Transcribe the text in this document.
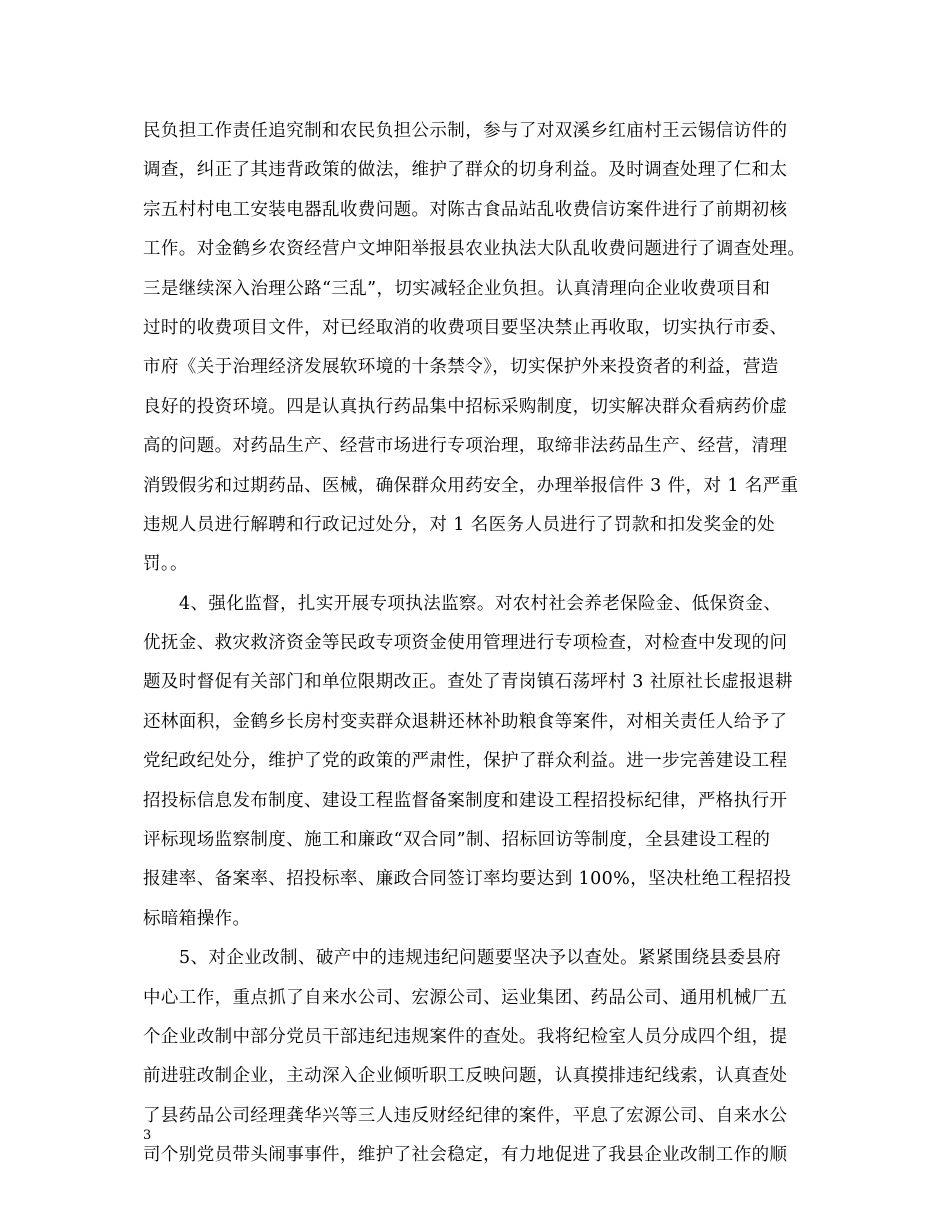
民负担工作责任追究制和农民负担公示制，参与了对双溪乡红庙村王云锡信访件的
调查，纠正了其违背政策的做法，维护了群众的切身利益。及时调查处理了仁和太
宗五村村电工安装电器乱收费问题。对陈古食品站乱收费信访案件进行了前期初核
工作。对金鹤乡农资经营户文坤阳举报县农业执法大队乱收费问题进行了调查处理。
三是继续深入治理公路“三乱”，切实减轻企业负担。认真清理向企业收费项目和
过时的收费项目文件，对已经取消的收费项目要坚决禁止再收取，切实执行市委、
市府《关于治理经济发展软环境的十条禁令》，切实保护外来投资者的利益，营造
良好的投资环境。四是认真执行药品集中招标采购制度，切实解决群众看病药价虚
高的问题。对药品生产、经营市场进行专项治理，取缔非法药品生产、经营，清理
消毁假劣和过期药品、医械，确保群众用药安全，办理举报信件 3 件，对 1 名严重
违规人员进行解聘和行政记过处分，对 1 名医务人员进行了罚款和扣发奖金的处
罚。。
4、强化监督，扎实开展专项执法监察。对农村社会养老保险金、低保资金、
优抚金、救灾救济资金等民政专项资金使用管理进行专项检查，对检查中发现的问
题及时督促有关部门和单位限期改正。查处了青岗镇石荡坪村 3 社原社长虚报退耕
还林面积，金鹤乡长房村变卖群众退耕还林补助粮食等案件，对相关责任人给予了
党纪政纪处分，维护了党的政策的严肃性，保护了群众利益。进一步完善建设工程
招投标信息发布制度、建设工程监督备案制度和建设工程招投标纪律，严格执行开
评标现场监察制度、施工和廉政“双合同”制、招标回访等制度，全县建设工程的
报建率、备案率、招投标率、廉政合同签订率均要达到 100%，坚决杜绝工程招投
标暗箱操作。
5、对企业改制、破产中的违规违纪问题要坚决予以查处。紧紧围绕县委县府
中心工作，重点抓了自来水公司、宏源公司、运业集团、药品公司、通用机械厂五
个企业改制中部分党员干部违纪违规案件的查处。我将纪检室人员分成四个组，提
前进驻改制企业，主动深入企业倾听职工反映问题，认真摸排违纪线索，认真查处
了县药品公司经理龚华兴等三人违反财经纪律的案件，平息了宏源公司、自来水公
司个别党员带头闹事事件，维护了社会稳定，有力地促进了我县企业改制工作的顺
3
